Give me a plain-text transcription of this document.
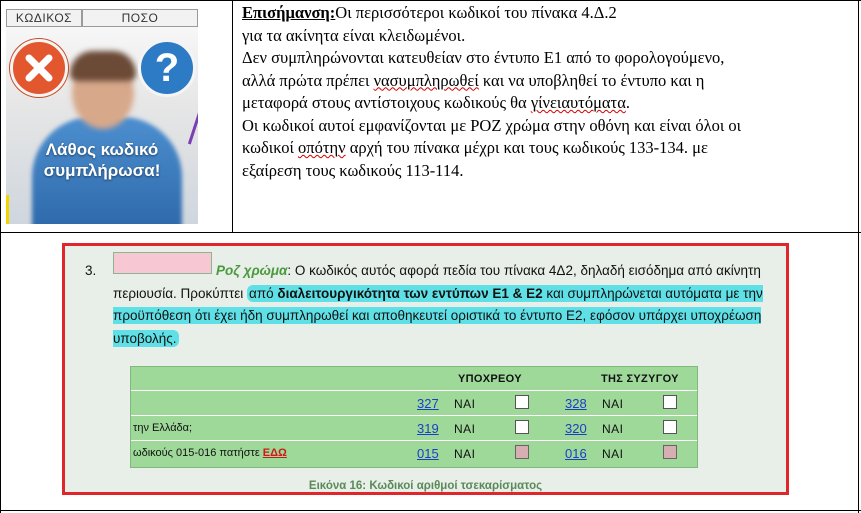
ΚΩΔΙΚΟΣ	ΠΟΣΟ
?
Λάθος κωδικό
συμπλήρωσα!
Επισήμανση:Οι περισσότεροι κωδικοί του πίνακα 4.Δ.2
για τα ακίνητα είναι κλειδωμένοι.
Δεν συμπληρώνονται κατευθείαν στο έντυπο Ε1 από το φορολογούμενο,
αλλά πρώτα πρέπει νασυμπληρωθεί και να υποβληθεί το έντυπο και η
μεταφορά στους αντίστοιχους κωδικούς θα γίνειαυτόματα.
Οι κωδικοί αυτοί εμφανίζονται με ΡΟΖ χρώμα στην οθόνη και είναι όλοι οι
κωδικοί οπότην αρχή του πίνακα μέχρι και τους κωδικούς 133-134. με
εξαίρεση τους κωδικούς 113-114.
3.	Ροζ χρώμα: Ο κωδικός αυτός αφορά πεδία του πίνακα 4Δ2, δηλαδή εισόδημα από ακίνητη περιουσία. Προκύπτει από διαλειτουργικότητα των εντύπων Ε1 & Ε2 και συμπληρώνεται αυτόματα με την προϋπόθεση ότι έχει ήδη συμπληρωθεί και αποθηκευτεί οριστικά το έντυπο Ε2, εφόσον υπάρχει υποχρέωση υποβολής.
ΥΠΟΧΡΕΟΥ	ΤΗΣ ΣΥΖΥΓΟΥ
327 ΝΑΙ	328 ΝΑΙ
την Ελλάδα;	319 ΝΑΙ	320 ΝΑΙ
ωδικούς 015-016 πατήστε ΕΔΩ	015 ΝΑΙ	016 ΝΑΙ
Εικόνα 16: Κωδικοί αριθμοί τσεκαρίσματος
